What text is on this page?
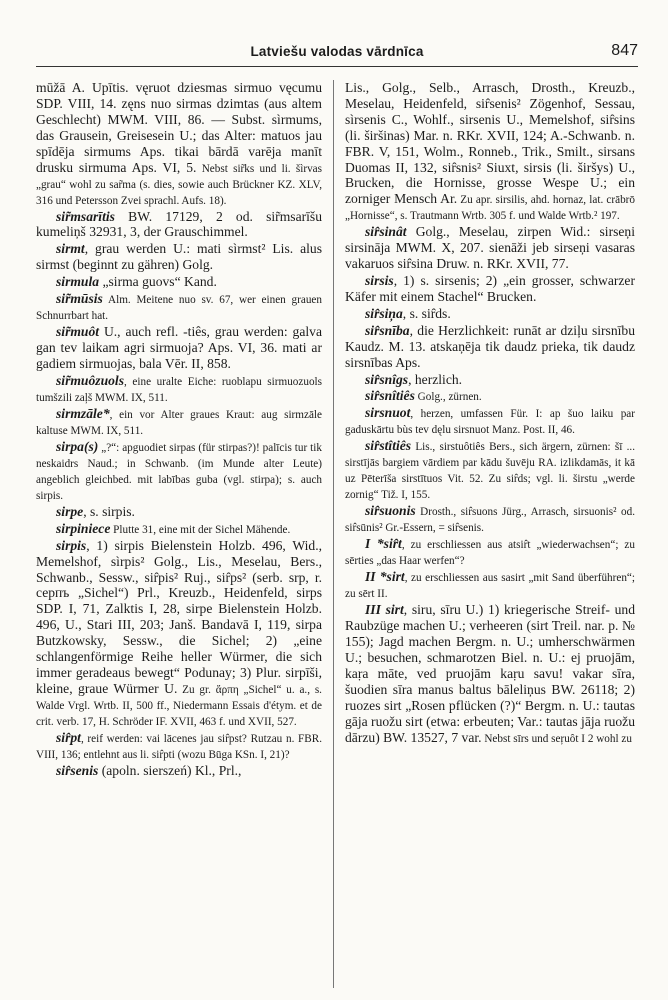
Latviešu valodas vārdnīca	847

mūžā A. Upītis. vęruot dziesmas sirmuo vęcumu SDP. VIII, 14. zęns nuo sirmas dzimtas (aus altem Geschlecht) MWM. VIII, 86. — Subst. sìrmums, das Grausein, Greisesein U.; das Alter: matuos jau spīdēja sirmums Aps. tikai bārdā varēja manīt drusku sirmuma Aps. VI, 5. Nebst sir̃ks und li. šìrvas „grau“ wohl zu sar̃ma (s. dies, sowie auch Brückner KZ. XLV, 316 und Petersson Zvei sprachl. Aufs. 18).

sir̃msarītis BW. 17129, 2 od. sir̃msarīšu kumeliņš 32931, 3, der Grauschimmel.

sirmt, grau werden U.: mati sìrmst² Lis. alus sirmst (beginnt zu gähren) Golg.

sirmula „sirma guovs“ Kand.

sir̃mūsis Alm. Meitene nuo sv. 67, wer einen grauen Schnurrbart hat.

sir̃muôt U., auch refl. -tiês, grau werden: galva gan tev laikam agri sirmuoja? Aps. VI, 36. mati ar gadiem sirmuojas, bala Vēr. II, 858.

sir̃muôzuols, eine uralte Eiche: ruoblapu sirmuozuols tumšzili zaļš MWM. IX, 511.

sirmzāle*, ein vor Alter graues Kraut: aug sirmzāle kaltuse MWM. IX, 511.

sirpa(s) „?“: apguodiet sirpas (für stirpas?)! palīcis tur tik neskaidrs Naud.; in Schwanb. (im Munde alter Leute) angeblich gleichbed. mit labības guba (vgl. stirpa); s. auch sirpis.

sirpe, s. sirpis.

sirpiniece Plutte 31, eine mit der Sichel Mähende.

sirpis, 1) sirpis Bielenstein Holzb. 496, Wid., Memelshof, sìrpis² Golg., Lis., Meselau, Bers., Schwanb., Sessw., sir̂pis² Ruj., sir̂ps² (serb. srp, r. серпъ „Sichel“) Prl., Kreuzb., Heidenfeld, sirps SDP. I, 71, Zalktis I, 28, sirpe Bielenstein Holzb. 496, U., Stari III, 203; Janš. Bandavā I, 119, sirpa Butzkowsky, Sessw., die Sichel; 2) „eine schlangenförmige Reihe heller Würmer, die sich immer geradeaus bewegt“ Podunay; 3) Plur. sirpīši, kleine, graue Würmer U. Zu gr. ἅρπη „Sichel“ u. a., s. Walde Vrgl. Wrtb. II, 500 ff., Niedermann Essais d'étym. et de crit. verb. 17, H. Schröder IF. XVII, 463 f. und XVII, 527.

sir̂pt, reif werden: vai lācenes jau sir̂pst? Rutzau n. FBR. VIII, 136; entlehnt aus li. sir̂pti (wozu Būga KSn. I, 21)?

sir̂senis (apoln. sierszeń) Kl., Prl.,

Lis., Golg., Selb., Arrasch, Drosth., Kreuzb., Meselau, Heidenfeld, sir̂senis² Zögenhof, Sessau, sìrsenis C., Wohlf., sirsenis U., Memelshof, sir̂sins (li. širšinas) Mar. n. RKr. XVII, 124; A.-Schwanb. n. FBR. V, 151, Wolm., Ronneb., Trik., Smilt., sirsans Duomas II, 132, sir̂snis² Siuxt, sirsis (li. širšys) U., Brucken, die Hornisse, grosse Wespe U.; ein zorniger Mensch Ar. Zu apr. sirsilis, ahd. hornaz, lat. crābrō „Hornisse“, s. Trautmann Wrtb. 305 f. und Walde Wrtb.² 197.

sir̂sinât Golg., Meselau, zirpen Wid.: sirseņi sirsināja MWM. X, 207. sienāži jeb sirseņi vasaras vakaruos sir̂sina Druw. n. RKr. XVII, 77.

sirsis, 1) s. sirsenis; 2) „ein grosser, schwarzer Käfer mit einem Stachel“ Brucken.

sir̂siņa, s. sir̂ds.

sir̂snība, die Herzlichkeit: runāt ar dziļu sirsnību Kaudz. M. 13. atskaņēja tik daudz prieka, tik daudz sirsnības Aps.

sir̂snîgs, herzlich.

sir̂snîtiês Golg., zürnen.

sirsnuot, herzen, umfassen Für. I: ap šuo laiku par gaduskārtu bùs tev dęlu sirsnuot Manz. Post. II, 46.

sir̂stîtiês Lis., sirstuôtiês Bers., sich ärgern, zürnen: šī ... sirstījās bargiem vārdiem par kādu šuvēju RA. izlikdamās, it kā uz Pēterīša sirstītuos Vit. 52. Zu sir̂ds; vgl. li. širstu „werde zornig“ Tiž. I, 155.

sir̂suonis Drosth., sir̂suons Jürg., Arrasch, sirsuonis² od. sir̂sūnis² Gr.-Essern, = sir̂senis.

I *sir̂t, zu erschliessen aus atsir̂t „wiederwachsen“; zu sērties „das Haar werfen“?

II *sirt, zu erschliessen aus sasirt „mit Sand überführen“; zu sērt II.

III sirt, siru, sīru U.) 1) kriegerische Streif- und Raubzüge machen U.; verheeren (sirt Treil. nar. p. № 155); Jagd machen Bergm. n. U.; umherschwärmen U.; besuchen, schmarotzen Biel. n. U.: ej pruojām, kaṛa māte, ved pruojām kaṛu savu! vakar sīra, šuodien sīra manus baltus bāleliņus BW. 26118; 2) ruozes sirt „Rosen pflücken (?)“ Bergm. n. U.: tautas gāja ruožu sirt (etwa: erbeuten; Var.: tautas jāja ruožu dārzu) BW. 13527, 7 var. Nebst sīrs und seŗuôt I 2 wohl zu
